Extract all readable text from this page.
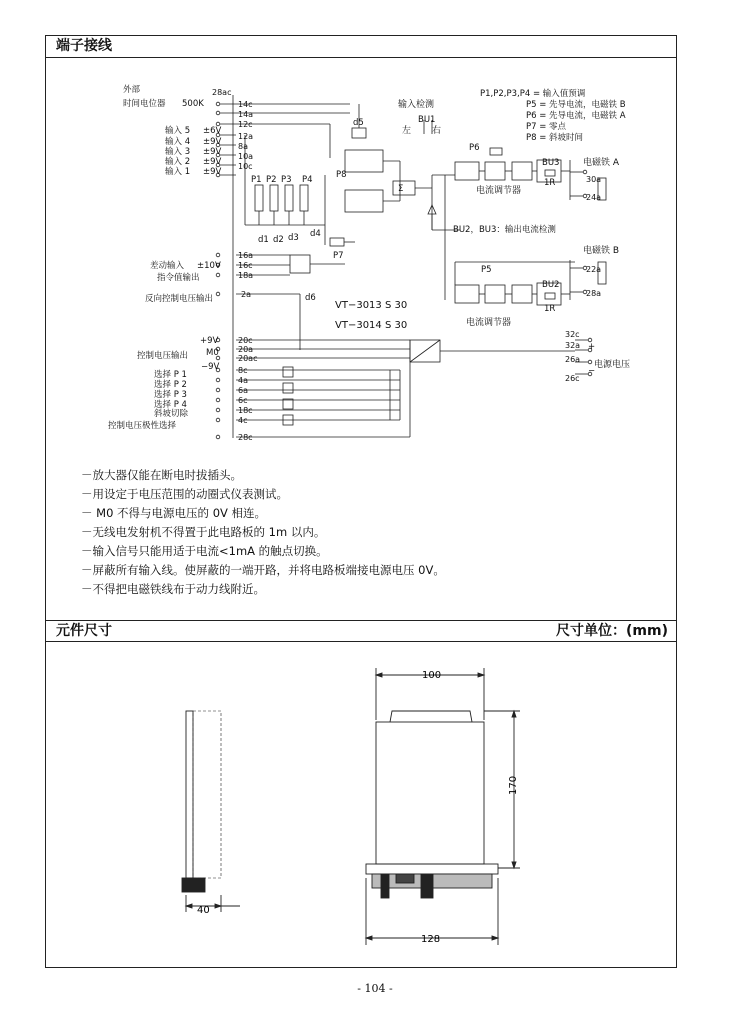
端子接线
元件尺寸	尺寸单位：(mm)
－放大器仅能在断电时拔插头。
－用设定于电压范围的动圈式仪表测试。
－ M0 不得与电源电压的 0V 相连。
－无线电发射机不得置于此电路板的 1m 以内。
－输入信号只能用适于电流<1mA 的触点切换。
－屏蔽所有输入线。使屏蔽的一端开路，并将电路板端接电源电压 0V。
－不得把电磁铁线布于动力线附近。
外部
时间电位器 500K
输入 5
输入 4
输入 3
输入 2
输入 1
±6V
±9V
±9V
±9V
±9V
差动输入 ±10V
指令值输出
反向控制电压输出
+9V
M0
控制电压输出
−9V
选择 P 1
选择 P 2
选择 P 3
选择 P 4
斜坡切除
控制电压极性选择
28ac
14c
14a
12c
12a
8a
10a
10c
16a
16c
18a
2a
20c
20a
20ac
8c
4a
6a
6c
18c
4c
28c
30a
24a
22a
28a
32c
32a
26a
26c
P1 P2 P3 P4
P5
P6
P7
P8
d1 d2 d3 d4
d5
d6
BU1
BU2
BU3
1R
1R
Σ
输入检测
左 右
电流调节器
电流调节器
电磁铁 A
电磁铁 B
电源电压
BU2，BU3：输出电流检测
VT−3013 S 30
VT−3014 S 30
+
−
P1,P2,P3,P4 = 输入值预调
P5 = 先导电流，电磁铁 B
P6 = 先导电流，电磁铁 A
P7 = 零点
P8 = 斜坡时间
40
100
170
128
- 104 -
